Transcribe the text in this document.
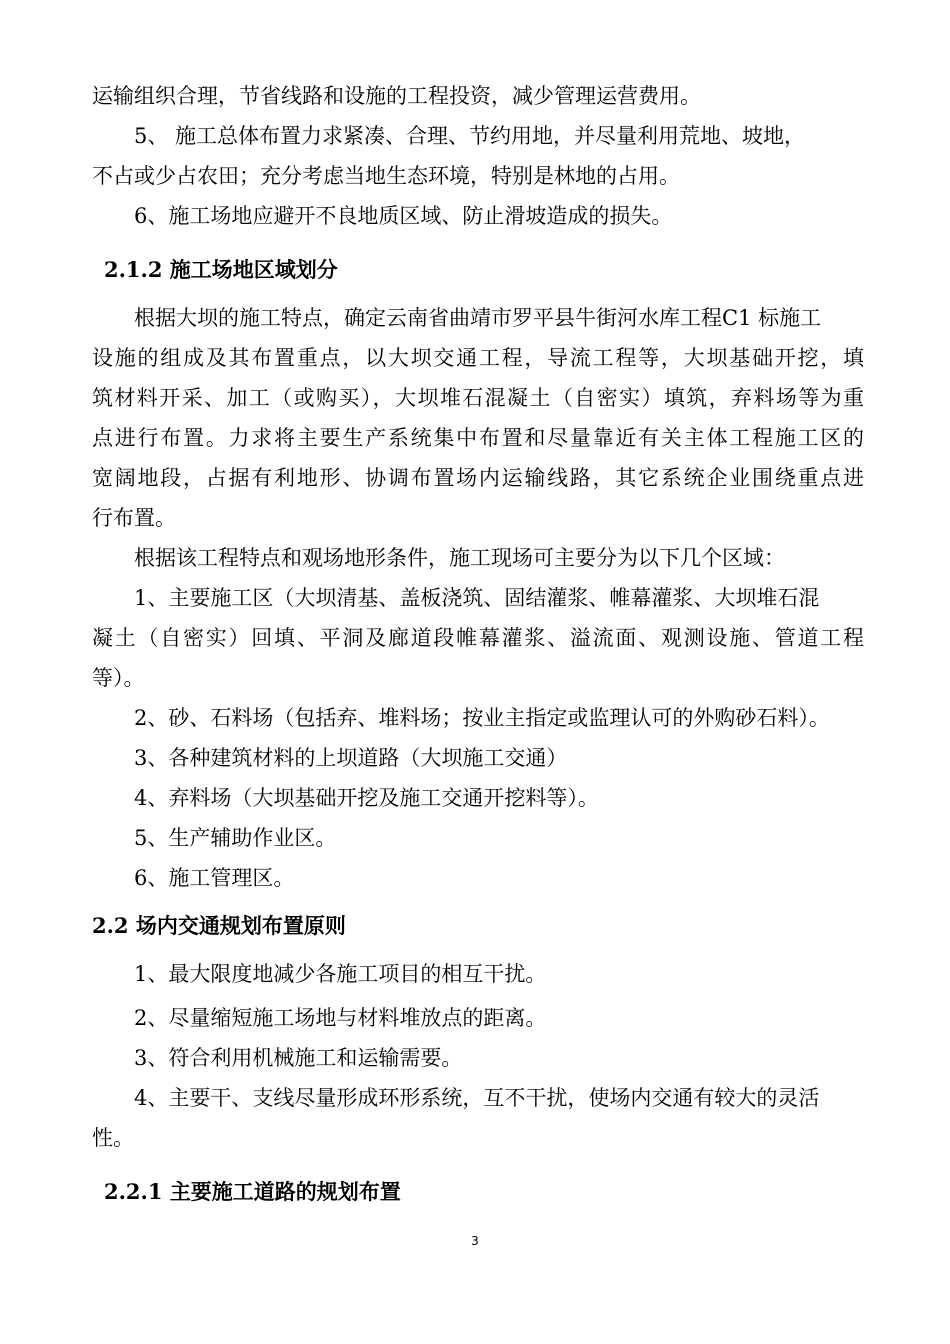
运输组织合理，节省线路和设施的工程投资，减少管理运营费用。
5、 施工总体布置力求紧凑、合理、节约用地，并尽量利用荒地、坡地，
不占或少占农田；充分考虑当地生态环境，特别是林地的占用。
6、施工场地应避开不良地质区域、防止滑坡造成的损失。
2.1.2 施工场地区域划分
根据大坝的施工特点，确定云南省曲靖市罗平县牛街河水库工程C1 标施工
设施的组成及其布置重点，以大坝交通工程，导流工程等，大坝基础开挖，填
筑材料开采、加工（或购买），大坝堆石混凝土（自密实）填筑，弃料场等为重
点进行布置。力求将主要生产系统集中布置和尽量靠近有关主体工程施工区的
宽阔地段，占据有利地形、协调布置场内运输线路，其它系统企业围绕重点进
行布置。
根据该工程特点和观场地形条件，施工现场可主要分为以下几个区域：
1、主要施工区（大坝清基、盖板浇筑、固结灌浆、帷幕灌浆、大坝堆石混
凝土（自密实）回填、平洞及廊道段帷幕灌浆、溢流面、观测设施、管道工程
等）。
2、砂、石料场（包括弃、堆料场；按业主指定或监理认可的外购砂石料）。
3、各种建筑材料的上坝道路（大坝施工交通）
4、弃料场（大坝基础开挖及施工交通开挖料等）。
5、生产辅助作业区。
6、施工管理区。
2.2 场内交通规划布置原则
1、最大限度地减少各施工项目的相互干扰。
2、尽量缩短施工场地与材料堆放点的距离。
3、符合利用机械施工和运输需要。
4、主要干、支线尽量形成环形系统，互不干扰，使场内交通有较大的灵活
性。
2.2.1 主要施工道路的规划布置
3
